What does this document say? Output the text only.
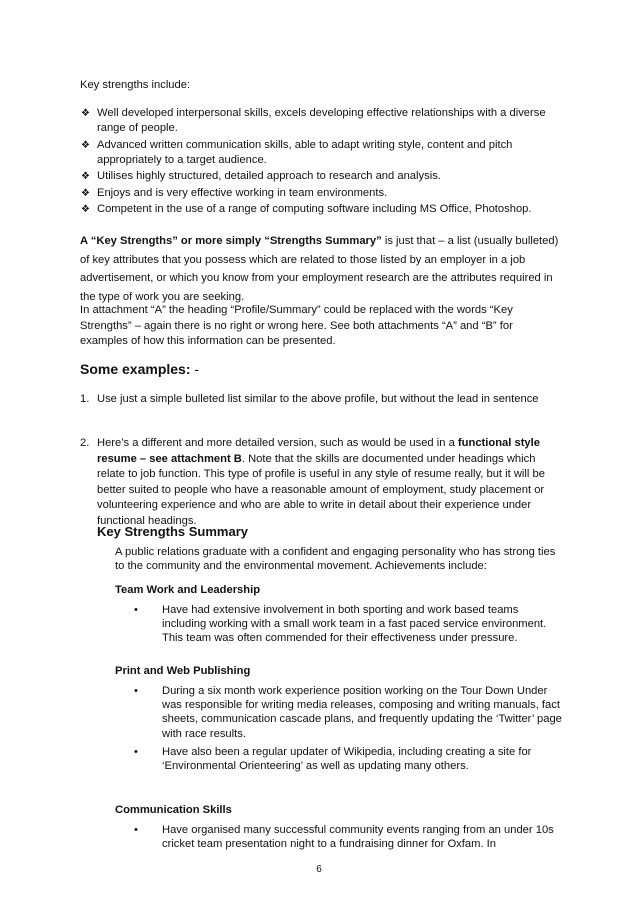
Key strengths include:

❖ Well developed interpersonal skills, excels developing effective relationships with a diverse range of people.
❖ Advanced written communication skills, able to adapt writing style, content and pitch appropriately to a target audience.
❖ Utilises highly structured, detailed approach to research and analysis.
❖ Enjoys and is very effective working in team environments.
❖ Competent in the use of a range of computing software including MS Office, Photoshop.

A “Key Strengths” or more simply “Strengths Summary” is just that – a list (usually bulleted) of key attributes that you possess which are related to those listed by an employer in a job advertisement, or which you know from your employment research are the attributes required in the type of work you are seeking.

In attachment “A” the heading “Profile/Summary” could be replaced with the words “Key Strengths” – again there is no right or wrong here. See both attachments “A” and “B” for examples of how this information can be presented.

Some examples: -
1. Use just a simple bulleted list similar to the above profile, but without the lead in sentence
2. Here’s a different and more detailed version, such as would be used in a functional style resume – see attachment B. Note that the skills are documented under headings which relate to job function. This type of profile is useful in any style of resume really, but it will be better suited to people who have a reasonable amount of employment, study placement or volunteering experience and who are able to write in detail about their experience under functional headings.
Key Strengths Summary

A public relations graduate with a confident and engaging personality who has strong ties to the community and the environmental movement. Achievements include:

Team Work and Leadership
• Have had extensive involvement in both sporting and work based teams including working with a small work team in a fast paced service environment. This team was often commended for their effectiveness under pressure.
Print and Web Publishing
• During a six month work experience position working on the Tour Down Under was responsible for writing media releases, composing and writing manuals, fact sheets, communication cascade plans, and frequently updating the ‘Twitter’ page with race results.
• Have also been a regular updater of Wikipedia, including creating a site for ‘Environmental Orienteering’ as well as updating many others.
Communication Skills
• Have organised many successful community events ranging from an under 10s cricket team presentation night to a fundraising dinner for Oxfam. In
6
